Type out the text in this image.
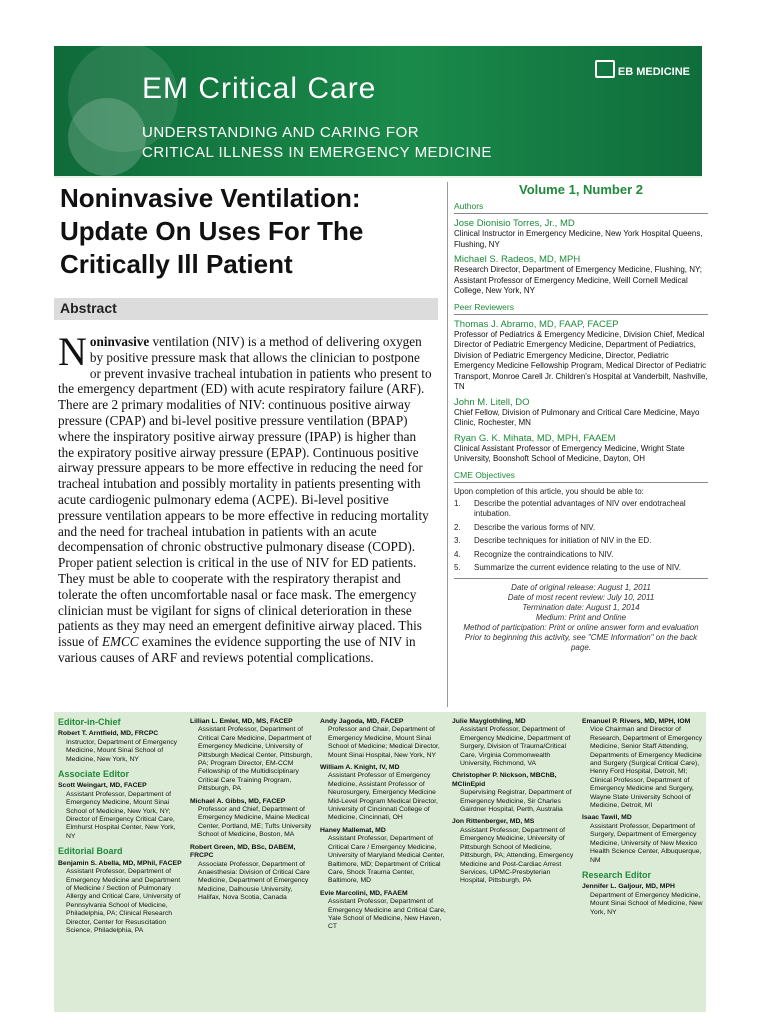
EM Critical Care
UNDERSTANDING AND CARING FOR
CRITICAL ILLNESS IN EMERGENCY MEDICINE
EB MEDICINE
Noninvasive Ventilation: Update On Uses For The Critically Ill Patient
Abstract
Noninvasive ventilation (NIV) is a method of delivering oxygen by positive pressure mask that allows the clinician to postpone or prevent invasive tracheal intubation in patients who present to the emergency department (ED) with acute respiratory failure (ARF). There are 2 primary modalities of NIV: continuous positive airway pressure (CPAP) and bi-level positive pressure ventilation (BPAP) where the inspiratory positive airway pressure (IPAP) is higher than the expiratory positive airway pressure (EPAP). Continuous positive airway pressure appears to be more effective in reducing the need for tracheal intubation and possibly mortality in patients presenting with acute cardiogenic pulmonary edema (ACPE). Bi-level positive pressure ventilation appears to be more effective in reducing mortality and the need for tracheal intubation in patients with an acute decompensation of chronic obstructive pulmonary disease (COPD). Proper patient selection is critical in the use of NIV for ED patients. They must be able to cooperate with the respiratory therapist and tolerate the often uncomfortable nasal or face mask. The emergency clinician must be vigilant for signs of clinical deterioration in these patients as they may need an emergent definitive airway placed. This issue of EMCC examines the evidence supporting the use of NIV in various causes of ARF and reviews potential complications.
Volume 1, Number 2
Authors
Jose Dionisio Torres, Jr., MD
Clinical Instructor in Emergency Medicine, New York Hospital Queens, Flushing, NY
Michael S. Radeos, MD, MPH
Research Director, Department of Emergency Medicine, Flushing, NY; Assistant Professor of Emergency Medicine, Weill Cornell Medical College, New York, NY
Peer Reviewers
Thomas J. Abramo, MD, FAAP, FACEP
Professor of Pediatrics & Emergency Medicine, Division Chief, Medical Director of Pediatric Emergency Medicine, Department of Pediatrics, Division of Pediatric Emergency Medicine, Director, Pediatric Emergency Medicine Fellowship Program, Medical Director of Pediatric Transport, Monroe Carell Jr. Children's Hospital at Vanderbilt, Nashville, TN
John M. Litell, DO
Chief Fellow, Division of Pulmonary and Critical Care Medicine, Mayo Clinic, Rochester, MN
Ryan G. K. Mihata, MD, MPH, FAAEM
Clinical Assistant Professor of Emergency Medicine, Wright State University, Boonshoft School of Medicine, Dayton, OH
CME Objectives
Upon completion of this article, you should be able to:
1.	Describe the potential advantages of NIV over endotracheal intubation.
2.	Describe the various forms of NIV.
3.	Describe techniques for initiation of NIV in the ED.
4.	Recognize the contraindications to NIV.
5.	Summarize the current evidence relating to the use of NIV.
Date of original release: August 1, 2011
Date of most recent review: July 10, 2011
Termination date: August 1, 2014
Medium: Print and Online
Method of participation: Print or online answer form and evaluation
Prior to beginning this activity, see "CME Information" on the back page.
Editor-in-Chief
Robert T. Arntfield, MD, FRCPC
Instructor, Department of Emergency Medicine, Mount Sinai School of Medicine, New York, NY
Associate Editor
Scott Weingart, MD, FACEP
Assistant Professor, Department of Emergency Medicine, Mount Sinai School of Medicine, New York, NY; Director of Emergency Critical Care, Elmhurst Hospital Center, New York, NY
Editorial Board
Benjamin S. Abella, MD, MPhil, FACEP
Assistant Professor, Department of Emergency Medicine and Department of Medicine / Section of Pulmonary Allergy and Critical Care, University of Pennsylvania School of Medicine, Philadelphia, PA; Clinical Research Director, Center for Resuscitation Science, Philadelphia, PA
Lillian L. Emlet, MD, MS, FACEP
Assistant Professor, Department of Critical Care Medicine, Department of Emergency Medicine, University of Pittsburgh Medical Center, Pittsburgh, PA; Program Director, EM-CCM Fellowship of the Multidisciplinary Critical Care Training Program, Pittsburgh, PA
Michael A. Gibbs, MD, FACEP
Professor and Chief, Department of Emergency Medicine, Maine Medical Center, Portland, ME; Tufts University School of Medicine, Boston, MA
Robert Green, MD, BSc, DABEM, FRCPC
Associate Professor, Department of Anaesthesia: Division of Critical Care Medicine, Department of Emergency Medicine, Dalhousie University, Halifax, Nova Scotia, Canada
Andy Jagoda, MD, FACEP
Professor and Chair, Department of Emergency Medicine, Mount Sinai School of Medicine; Medical Director, Mount Sinai Hospital, New York, NY
William A. Knight, IV, MD
Assistant Professor of Emergency Medicine, Assistant Professor of Neurosurgery, Emergency Medicine Mid-Level Program Medical Director, University of Cincinnati College of Medicine, Cincinnati, OH
Haney Mallemat, MD
Assistant Professor, Department of Critical Care / Emergency Medicine, University of Maryland Medical Center, Baltimore, MD; Department of Critical Care, Shock Trauma Center, Baltimore, MD
Evie Marcolini, MD, FAAEM
Assistant Professor, Department of Emergency Medicine and Critical Care, Yale School of Medicine, New Haven, CT
Julie Mayglothling, MD
Assistant Professor, Department of Emergency Medicine, Department of Surgery, Division of Trauma/Critical Care, Virginia Commonwealth University, Richmond, VA
Christopher P. Nickson, MBChB, MClinEpid
Supervising Registrar, Department of Emergency Medicine, Sir Charles Gairdner Hospital, Perth, Australia
Jon Rittenberger, MD, MS
Assistant Professor, Department of Emergency Medicine, University of Pittsburgh School of Medicine, Pittsburgh, PA; Attending, Emergency Medicine and Post-Cardiac Arrest Services, UPMC-Presbyterian Hospital, Pittsburgh, PA
Emanuel P. Rivers, MD, MPH, IOM
Vice Chairman and Director of Research, Department of Emergency Medicine, Senior Staff Attending, Departments of Emergency Medicine and Surgery (Surgical Critical Care), Henry Ford Hospital, Detroit, MI; Clinical Professor, Department of Emergency Medicine and Surgery, Wayne State University School of Medicine, Detroit, MI
Isaac Tawil, MD
Assistant Professor, Department of Surgery, Department of Emergency Medicine, University of New Mexico Health Science Center, Albuquerque, NM
Research Editor
Jennifer L. Galjour, MD, MPH
Department of Emergency Medicine, Mount Sinai School of Medicine, New York, NY
